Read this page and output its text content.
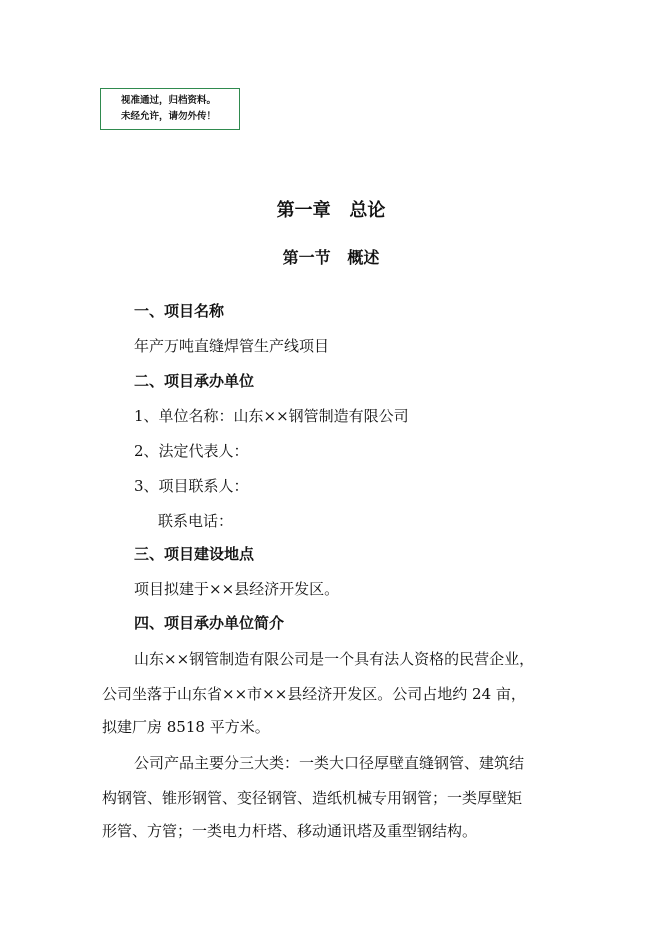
视准通过，归档资料。
未经允许，请勿外传！
第一章   总论
第一节   概述
一、项目名称
年产万吨直缝焊管生产线项目
二、项目承办单位
1、单位名称：山东××钢管制造有限公司
2、法定代表人：
3、项目联系人：
联系电话：
三、项目建设地点
项目拟建于××县经济开发区。
四、项目承办单位简介
山东××钢管制造有限公司是一个具有法人资格的民营企业，
公司坐落于山东省××市××县经济开发区。公司占地约 24 亩，
拟建厂房 8518 平方米。
公司产品主要分三大类：一类大口径厚壁直缝钢管、建筑结
构钢管、锥形钢管、变径钢管、造纸机械专用钢管；一类厚壁矩
形管、方管；一类电力杆塔、移动通讯塔及重型钢结构。
